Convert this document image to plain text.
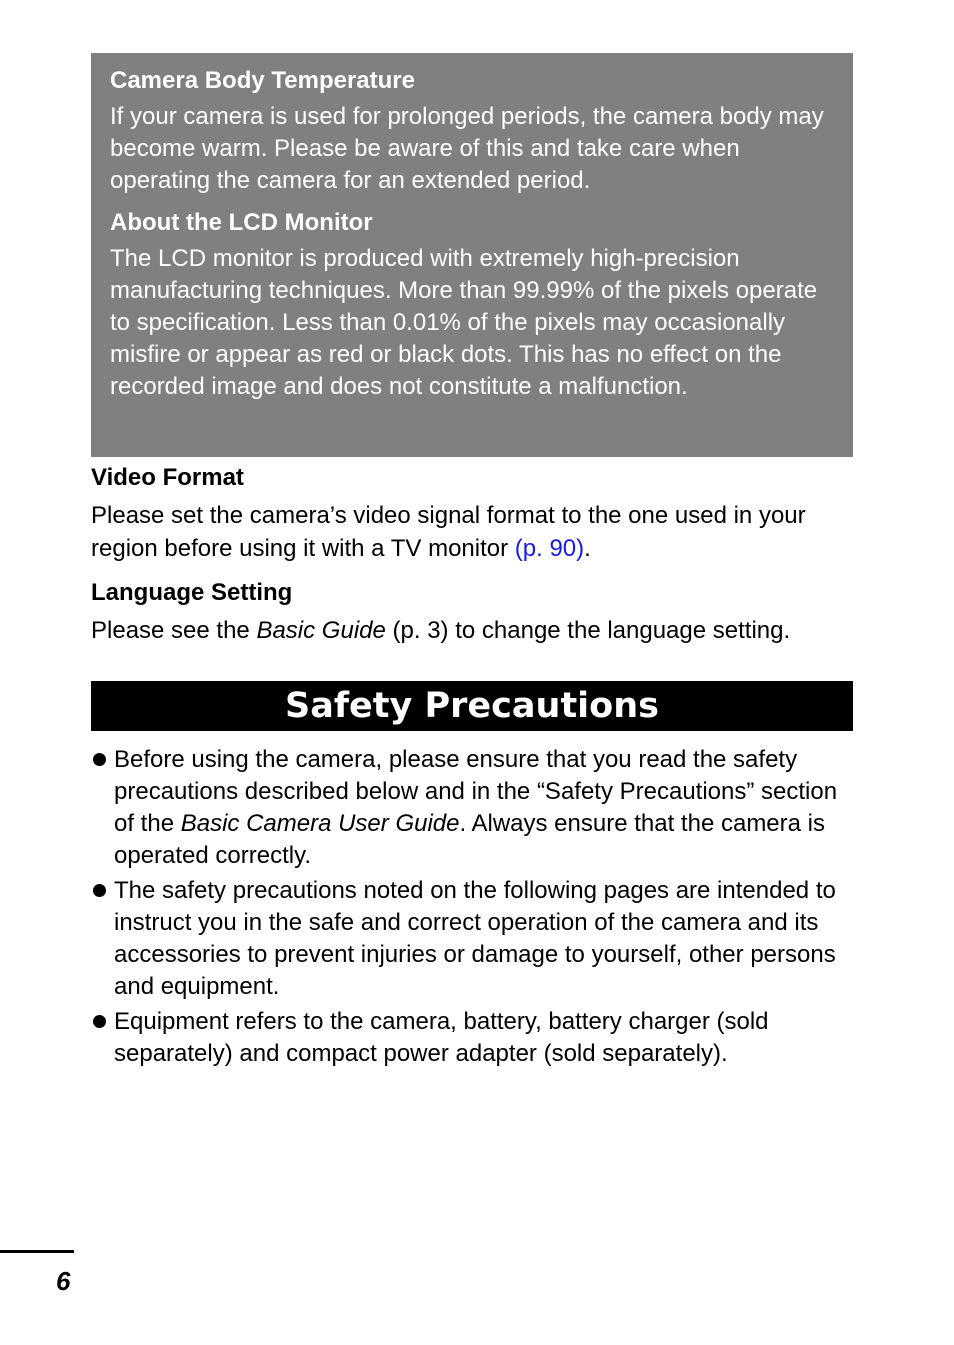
Camera Body Temperature

If your camera is used for prolonged periods, the camera body may become warm. Please be aware of this and take care when operating the camera for an extended period.

About the LCD Monitor

The LCD monitor is produced with extremely high-precision manufacturing techniques. More than 99.99% of the pixels operate to specification. Less than 0.01% of the pixels may occasionally misfire or appear as red or black dots. This has no effect on the recorded image and does not constitute a malfunction.

Video Format

Please set the camera’s video signal format to the one used in your region before using it with a TV monitor (p. 90).

Language Setting

Please see the Basic Guide (p. 3) to change the language setting.

Safety Precautions
Before using the camera, please ensure that you read the safety precautions described below and in the “Safety Precautions” section of the Basic Camera User Guide. Always ensure that the camera is operated correctly.
The safety precautions noted on the following pages are intended to instruct you in the safe and correct operation of the camera and its accessories to prevent injuries or damage to yourself, other persons and equipment.
Equipment refers to the camera, battery, battery charger (sold separately) and compact power adapter (sold separately).
6
